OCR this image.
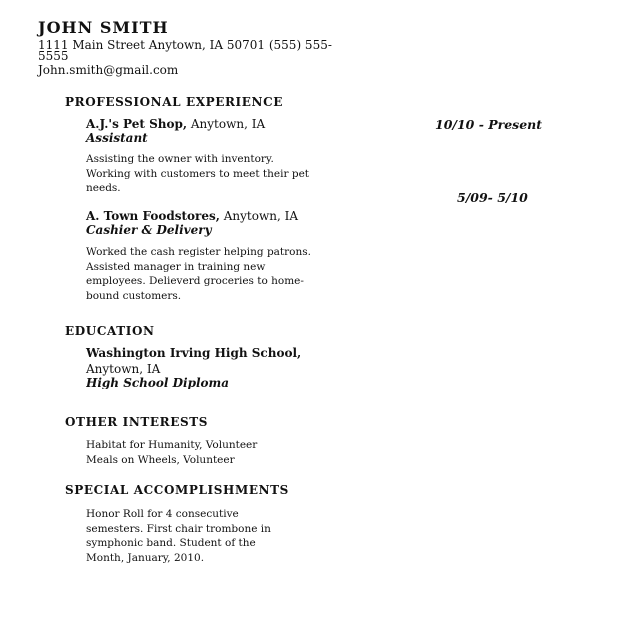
JOHN SMITH
1111 Main Street Anytown, IA 50701 (555) 555-5555
John.smith@gmail.com
PROFESSIONAL EXPERIENCE
A.J.'s Pet Shop, Anytown, IA
Assistant
10/10 - Present
Assisting the owner with inventory. Working with customers to meet their pet needs.
5/09- 5/10
A. Town Foodstores, Anytown, IA
Cashier & Delivery
Worked the cash register helping patrons. Assisted manager in training new employees. Delieverd groceries to home-bound customers.
EDUCATION
Washington Irving High School,
Anytown, IA
High School Diploma
OTHER INTERESTS
Habitat for Humanity, Volunteer
Meals on Wheels, Volunteer
SPECIAL ACCOMPLISHMENTS
Honor Roll for 4 consecutive semesters. First chair trombone in symphonic band. Student of the Month, January, 2010.
